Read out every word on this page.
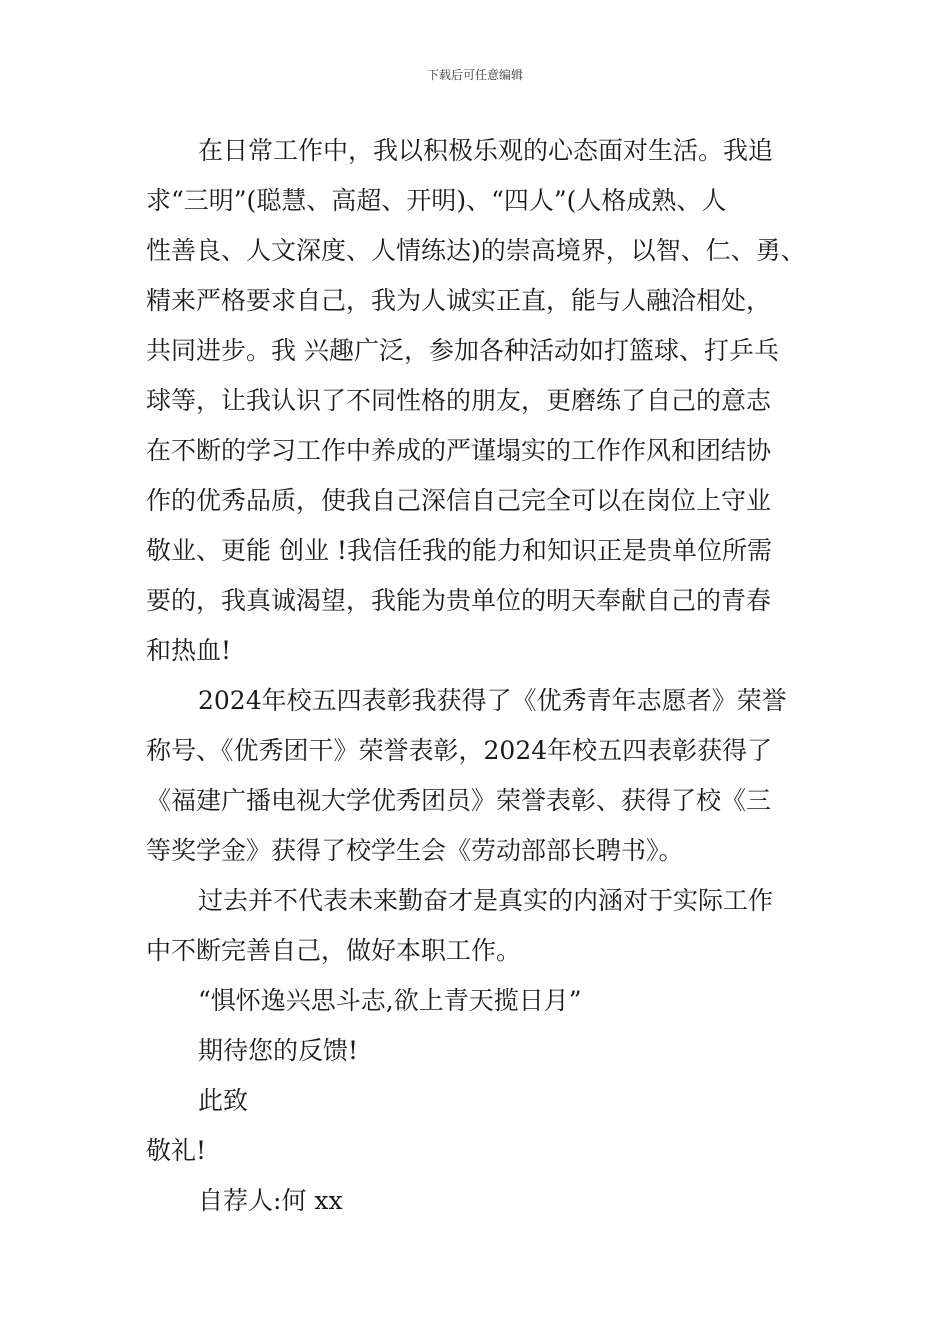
下载后可任意编辑
在日常工作中，我以积极乐观的心态面对生活。我追
求“三明”(聪慧、高超、开明)、“四人”(人格成熟、人
性善良、人文深度、人情练达)的崇高境界，以智、仁、勇、
精来严格要求自己，我为人诚实正直，能与人融洽相处，
共同进步。我 兴趣广泛，参加各种活动如打篮球、打乒乓
球等，让我认识了不同性格的朋友，更磨练了自己的意志
在不断的学习工作中养成的严谨塌实的工作作风和团结协
作的优秀品质，使我自己深信自己完全可以在岗位上守业
敬业、更能 创业 !我信任我的能力和知识正是贵单位所需
要的，我真诚渴望，我能为贵单位的明天奉献自己的青春
和热血!
2024年校五四表彰我获得了《优秀青年志愿者》荣誉
称号、《优秀团干》荣誉表彰，2024年校五四表彰获得了
《福建广播电视大学优秀团员》荣誉表彰、获得了校《三
等奖学金》获得了校学生会《劳动部部长聘书》。
过去并不代表未来勤奋才是真实的内涵对于实际工作
中不断完善自己，做好本职工作。
“惧怀逸兴思斗志,欲上青天揽日月”
期待您的反馈!
此致
敬礼!
自荐人:何 xx
